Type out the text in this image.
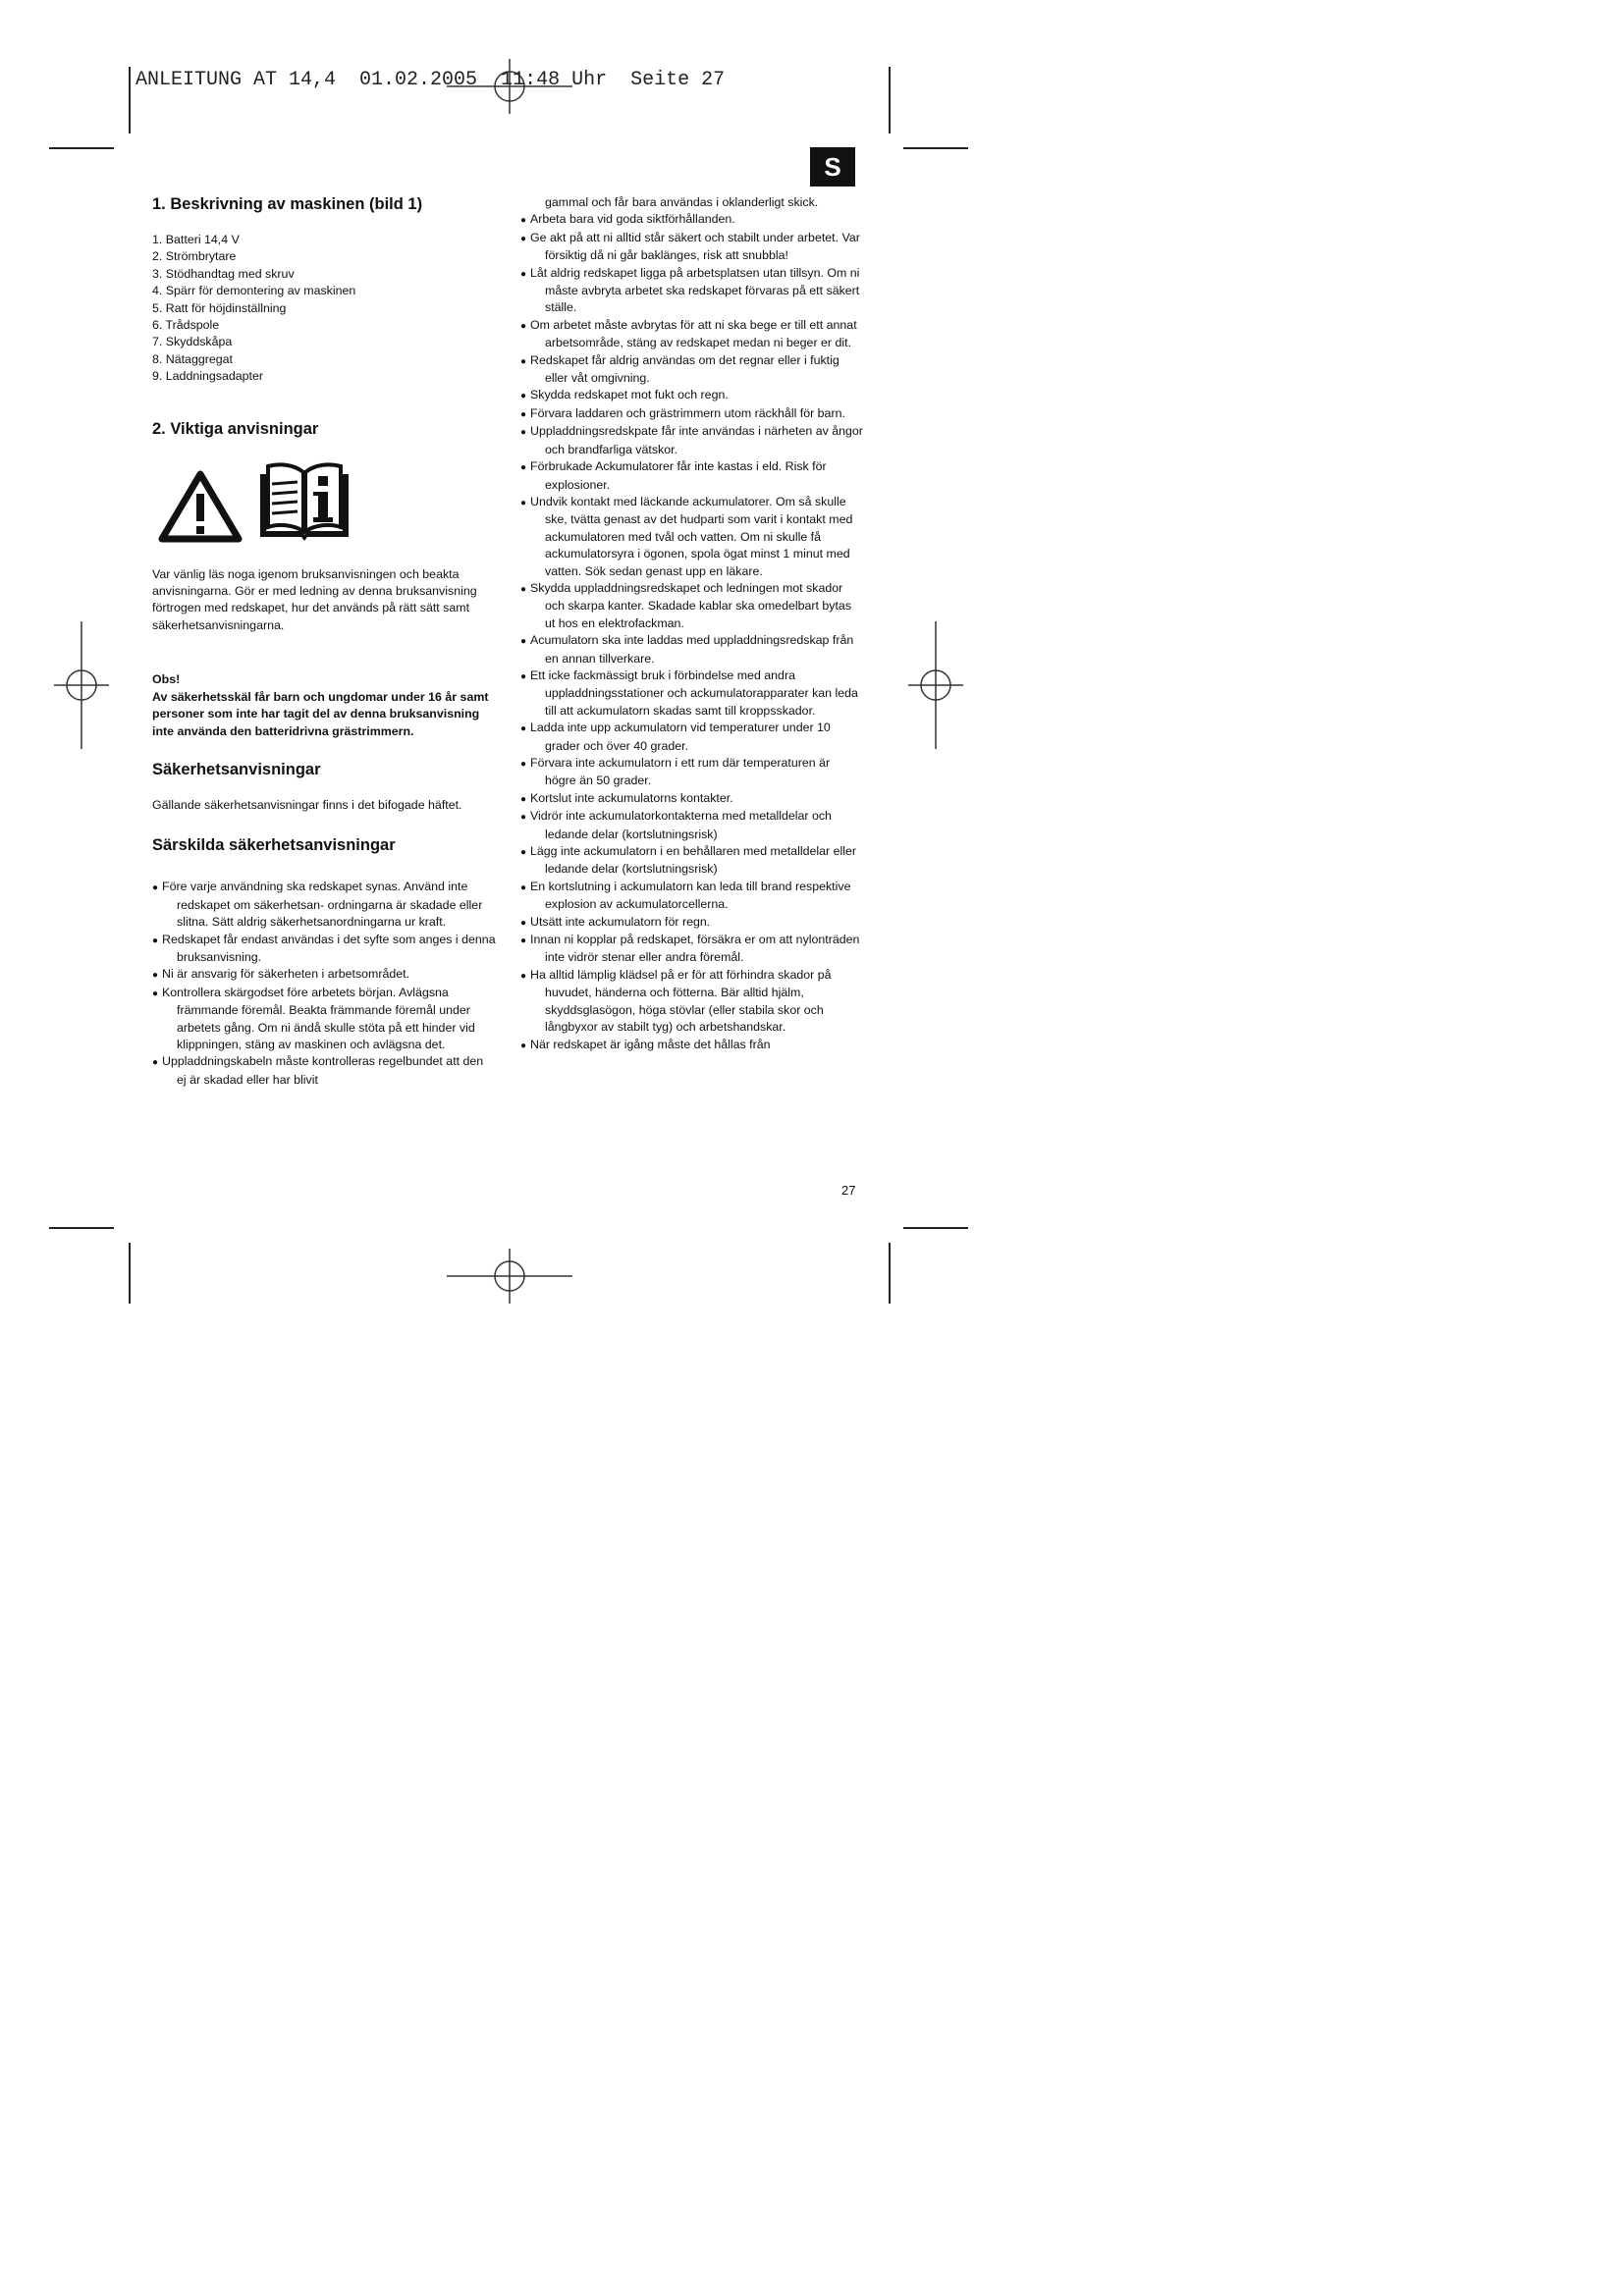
ANLEITUNG AT 14,4  01.02.2005  11:48 Uhr  Seite 27
S
1. Beskrivning av maskinen (bild 1)
1. Batteri 14,4 V
2. Strömbrytare
3. Stödhandtag med skruv
4. Spärr för demontering av maskinen
5. Ratt för höjdinställning
6. Trådspole
7. Skyddskåpa
8. Nätaggregat
9. Laddningsadapter
2. Viktiga anvisningar

Var vänlig läs noga igenom bruksanvisningen och beakta anvisningarna. Gör er med ledning av denna bruksanvisning förtrogen med redskapet, hur det används på rätt sätt samt säkerhetsanvisningarna.

Obs!

Av säkerhetsskäl får barn och ungdomar under 16 år samt personer som inte har tagit del av denna bruksanvisning inte använda den batteridrivna grästrimmern.

Säkerhetsanvisningar

Gällande säkerhetsanvisningar finns i det bifogade häftet.

Särskilda säkerhetsanvisningar
● Före varje användning ska redskapet synas. Använd inte redskapet om säkerhetsan- ordningarna är skadade eller slitna. Sätt aldrig säkerhetsanordningarna ur kraft.
● Redskapet får endast användas i det syfte som anges i denna bruksanvisning.
● Ni är ansvarig för säkerheten i arbetsområdet.
● Kontrollera skärgodset före arbetets början. Avlägsna främmande föremål. Beakta främmande föremål under arbetets gång. Om ni ändå skulle stöta på ett hinder vid klippningen, stäng av maskinen och avlägsna det.
● Uppladdningskabeln måste kontrolleras regelbundet att den ej är skadad eller har blivit

gammal och får bara användas i oklanderligt skick.

● Arbeta bara vid goda siktförhållanden.
● Ge akt på att ni alltid står säkert och stabilt under arbetet. Var försiktig då ni går baklänges, risk att snubbla!
● Låt aldrig redskapet ligga på arbetsplatsen utan tillsyn. Om ni måste avbryta arbetet ska redskapet förvaras på ett säkert ställe.
● Om arbetet måste avbrytas för att ni ska bege er till ett annat arbetsområde, stäng av redskapet medan ni beger er dit.
● Redskapet får aldrig användas om det regnar eller i fuktig eller våt omgivning.
● Skydda redskapet mot fukt och regn.
● Förvara laddaren och grästrimmern utom räckhåll för barn.
● Uppladdningsredskpate får inte användas i närheten av ångor och brandfarliga vätskor.
● Förbrukade Ackumulatorer får inte kastas i eld. Risk för explosioner.
● Undvik kontakt med läckande ackumulatorer. Om så skulle ske, tvätta genast av det hudparti som varit i kontakt med ackumulatoren med tvål och vatten. Om ni skulle få ackumulatorsyra i ögonen, spola ögat minst 1 minut med vatten. Sök sedan genast upp en läkare.
● Skydda uppladdningsredskapet och ledningen mot skador och skarpa kanter. Skadade kablar ska omedelbart bytas ut hos en elektrofackman.
● Acumulatorn ska inte laddas med uppladdningsredskap från en annan tillverkare.
● Ett icke fackmässigt bruk i förbindelse med andra uppladdningsstationer och ackumulatorapparater kan leda till att ackumulatorn skadas samt till kroppsskador.
● Ladda inte upp ackumulatorn vid temperaturer under 10 grader och över 40 grader.
● Förvara inte ackumulatorn i ett rum där temperaturen är högre än 50 grader.
● Kortslut inte ackumulatorns kontakter.
● Vidrör inte ackumulatorkontakterna med metalldelar och ledande delar (kortslutningsrisk)
● Lägg inte ackumulatorn i en behållaren med metalldelar eller ledande delar (kortslutningsrisk)
● En kortslutning i ackumulatorn kan leda till brand respektive explosion av ackumulatorcellerna.
● Utsätt inte ackumulatorn för regn.
● Innan ni kopplar på redskapet, försäkra er om att nylonträden inte vidrör stenar eller andra föremål.
● Ha alltid lämplig klädsel på er för att förhindra skador på huvudet, händerna och fötterna. Bär alltid hjälm, skyddsglasögon, höga stövlar (eller stabila skor och långbyxor av stabilt tyg) och arbetshandskar.
● När redskapet är igång måste det hållas från
27
